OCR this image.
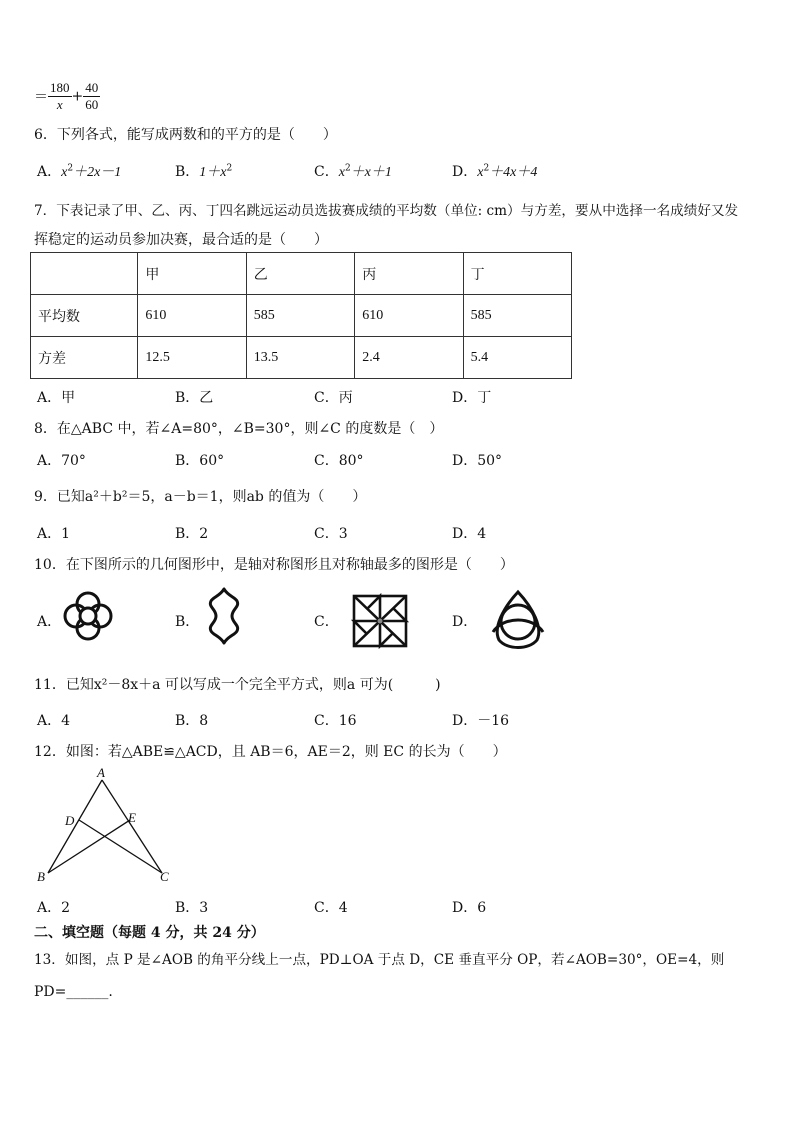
＝ $\frac{180}{x} + \frac{40}{60}$
6．下列各式，能写成两数和的平方的是（　　）
A．$x^2+2x-1$	B．$1+x^2$	C．$x^2+x+1$	D．$x^2+4x+4$
7．下表记录了甲、乙、丙、丁四名跳远运动员选拔赛成绩的平均数（单位: cm）与方差，要从中选择一名成绩好又发
挥稳定的运动员参加决赛，最合适的是（　　）
	甲	乙	丙	丁
平均数	610	585	610	585
方差	12.5	13.5	2.4	5.4
A．甲	B．乙	C．丙	D．丁
8．在△ABC 中，若∠A=80°，∠B=30°，则∠C 的度数是（　）
A．70°	B．60°	C．80°	D．50°
9．已知a²＋b²＝5，a－b＝1，则ab 的值为（　　）
A．1	B．2	C．3	D．4
10．在下图所示的几何图形中，是轴对称图形且对称轴最多的图形是（　　）
A．	B．	C．	D．
11．已知x²－8x＋a 可以写成一个完全平方式，则a 可为(　　　)
A．4	B．8	C．16	D．－16
12．如图：若△ABE≌△ACD，且 AB＝6，AE＝2，则 EC 的长为（　　）
A
D	E
B	C
A．2	B．3	C．4	D．6
二、填空题（每题 4 分，共 24 分）
13．如图，点 P 是∠AOB 的角平分线上一点，PD⊥OA 于点 D，CE 垂直平分 OP，若∠AOB=30°，OE=4，则
PD=______.
